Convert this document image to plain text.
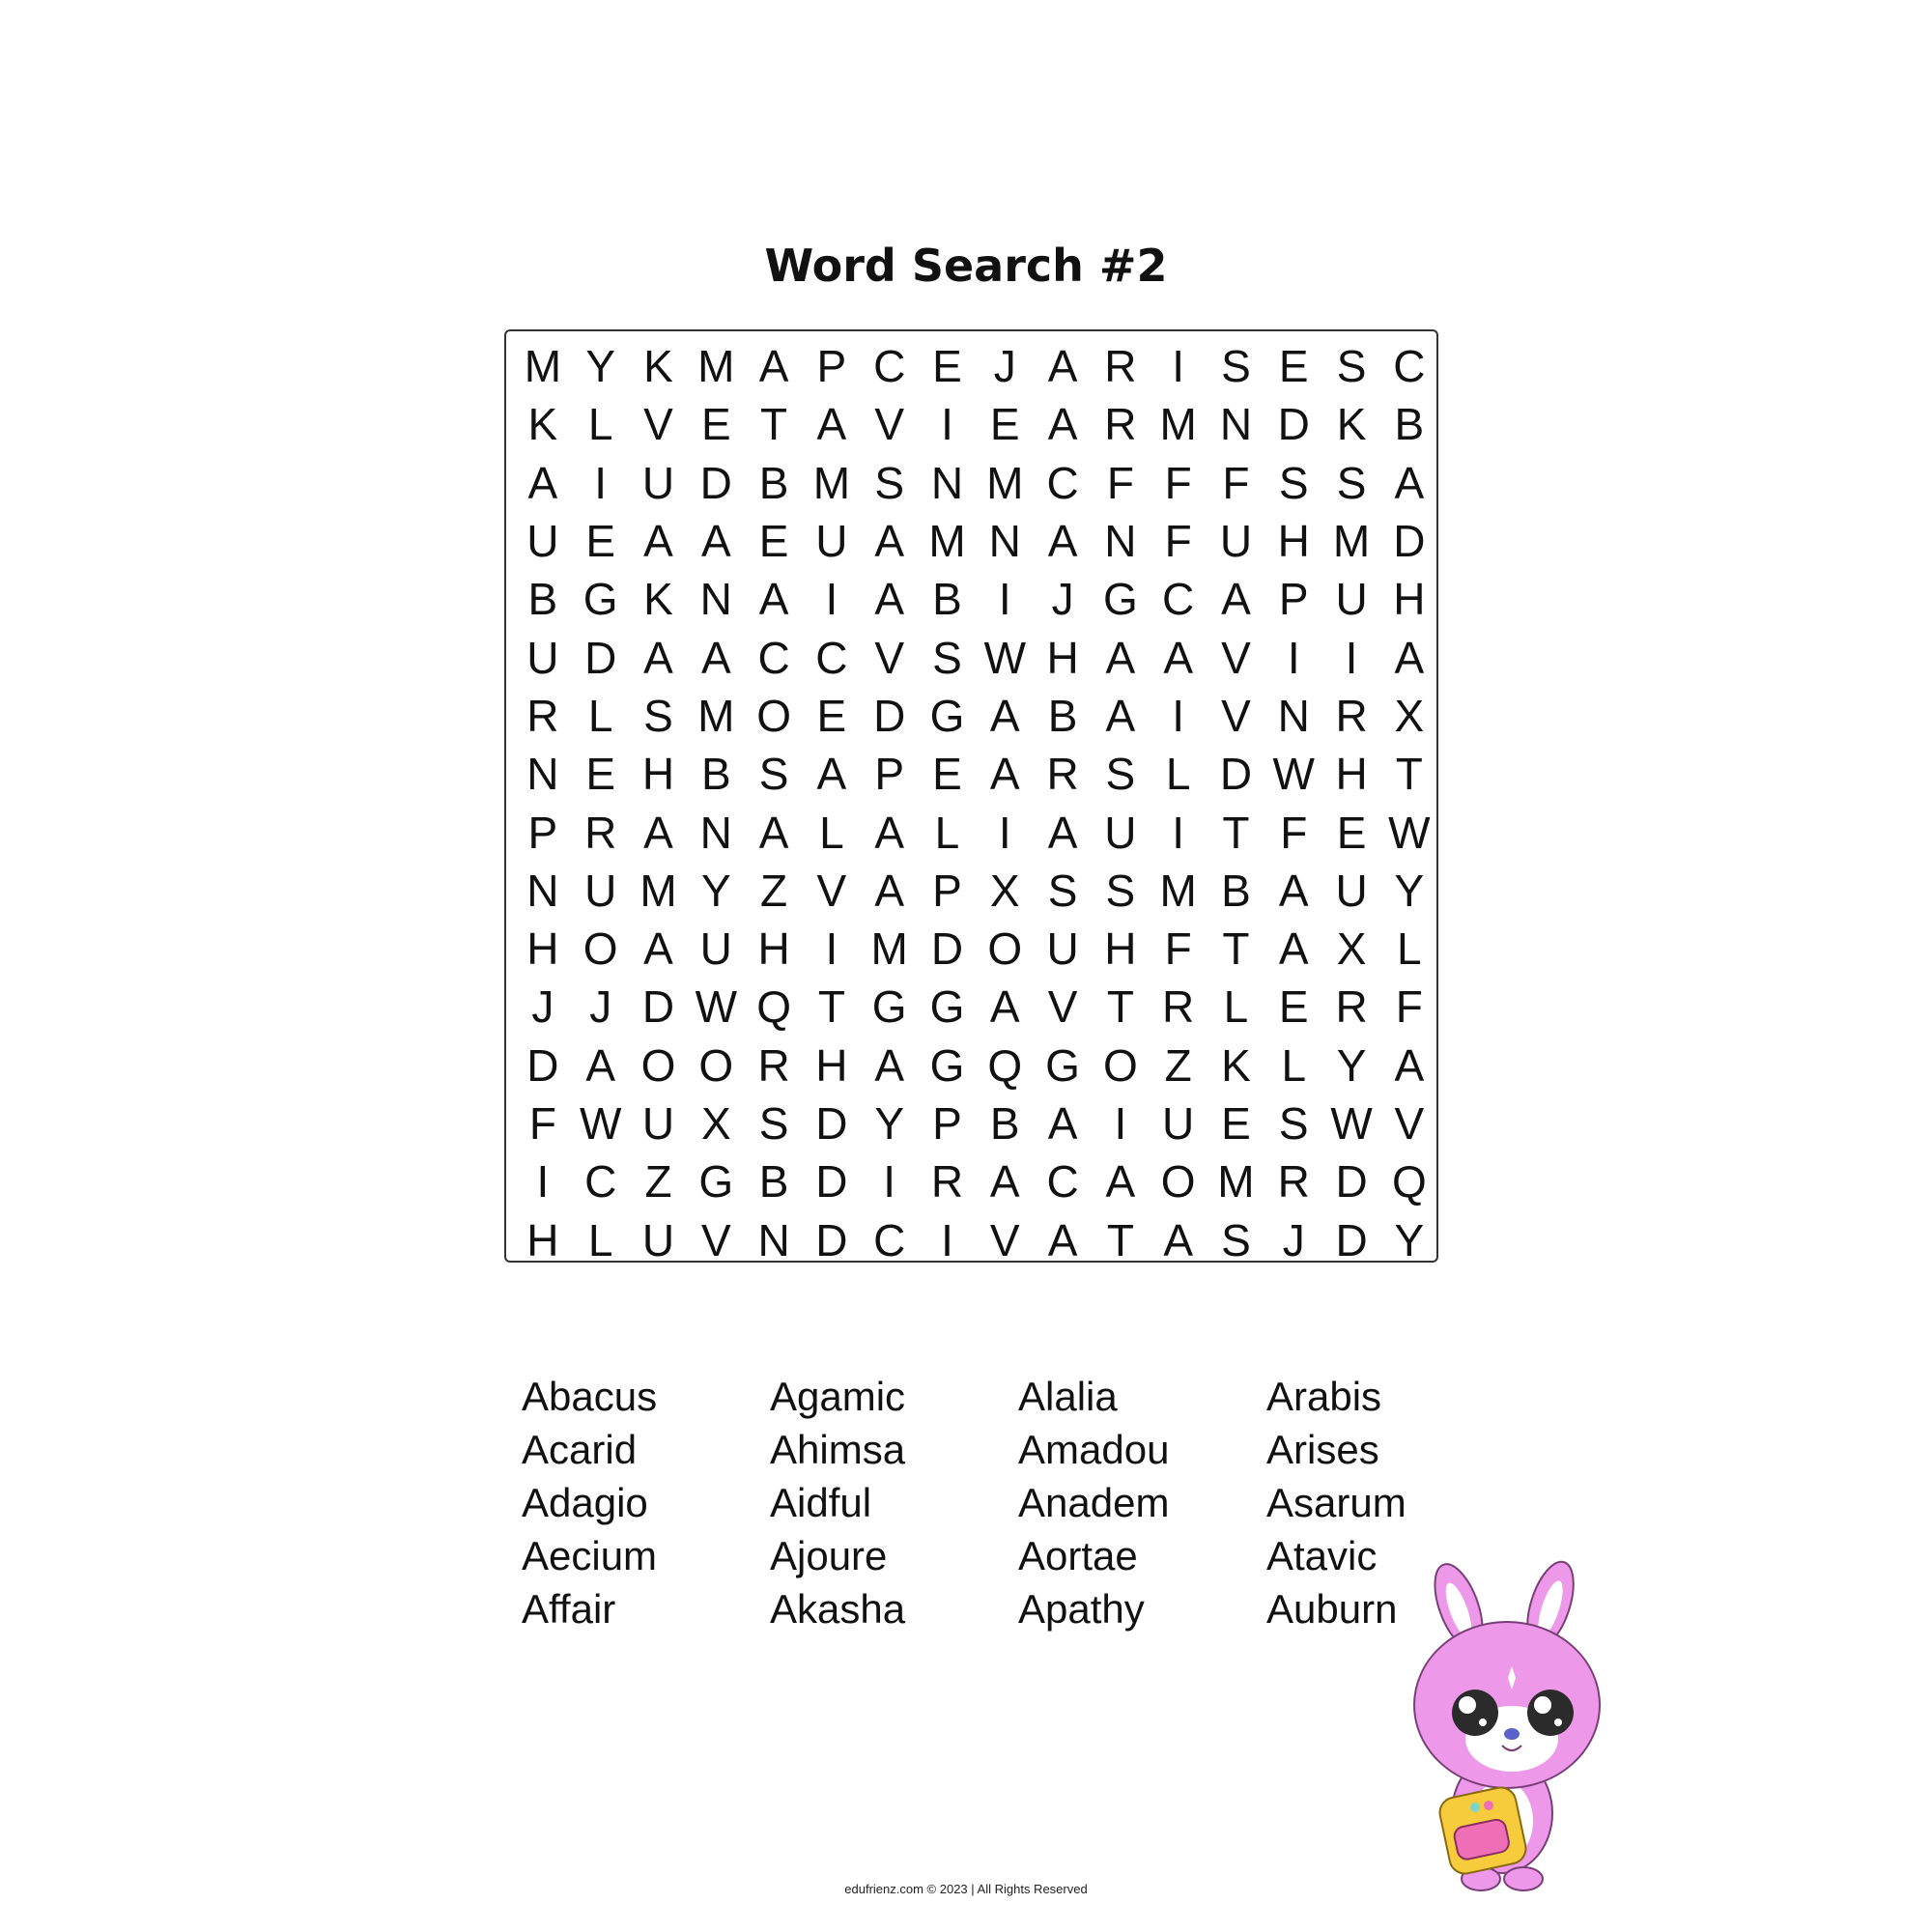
Word Search #2
M Y K M A P C E J A R I S E S C
K L V E T A V I E A R M N D K B
A I U D B M S N M C F F F S S A
U E A A E U A M N A N F U H M D
B G K N A I A B I J G C A P U H
U D A A C C V S W H A A V I	I A
R L S M O E D G A B A I V N R X
N E H B S A P E A R S L D W H T
P R A N A L A L I A U I T F E W
N U M Y Z V A P X S S M B A U Y
H O A U H I M D O U H F T A X L
J J D W Q T G G A V T R L E R F
D A O O R H A G Q G O Z K L Y A
F W U X S D Y P B A I U E S W V
I C Z G B D I R A C A O M R D Q
H L U V N D C I V A T A S J D Y
Abacus	Agamic	Alalia	Arabis
Acarid	Ahimsa	Amadou	Arises
Adagio	Aidful	Anadem	Asarum
Aecium	Ajoure	Aortae	Atavic
Affair	Akasha	Apathy	Auburn
edufrienz.com © 2023 | All Rights Reserved
